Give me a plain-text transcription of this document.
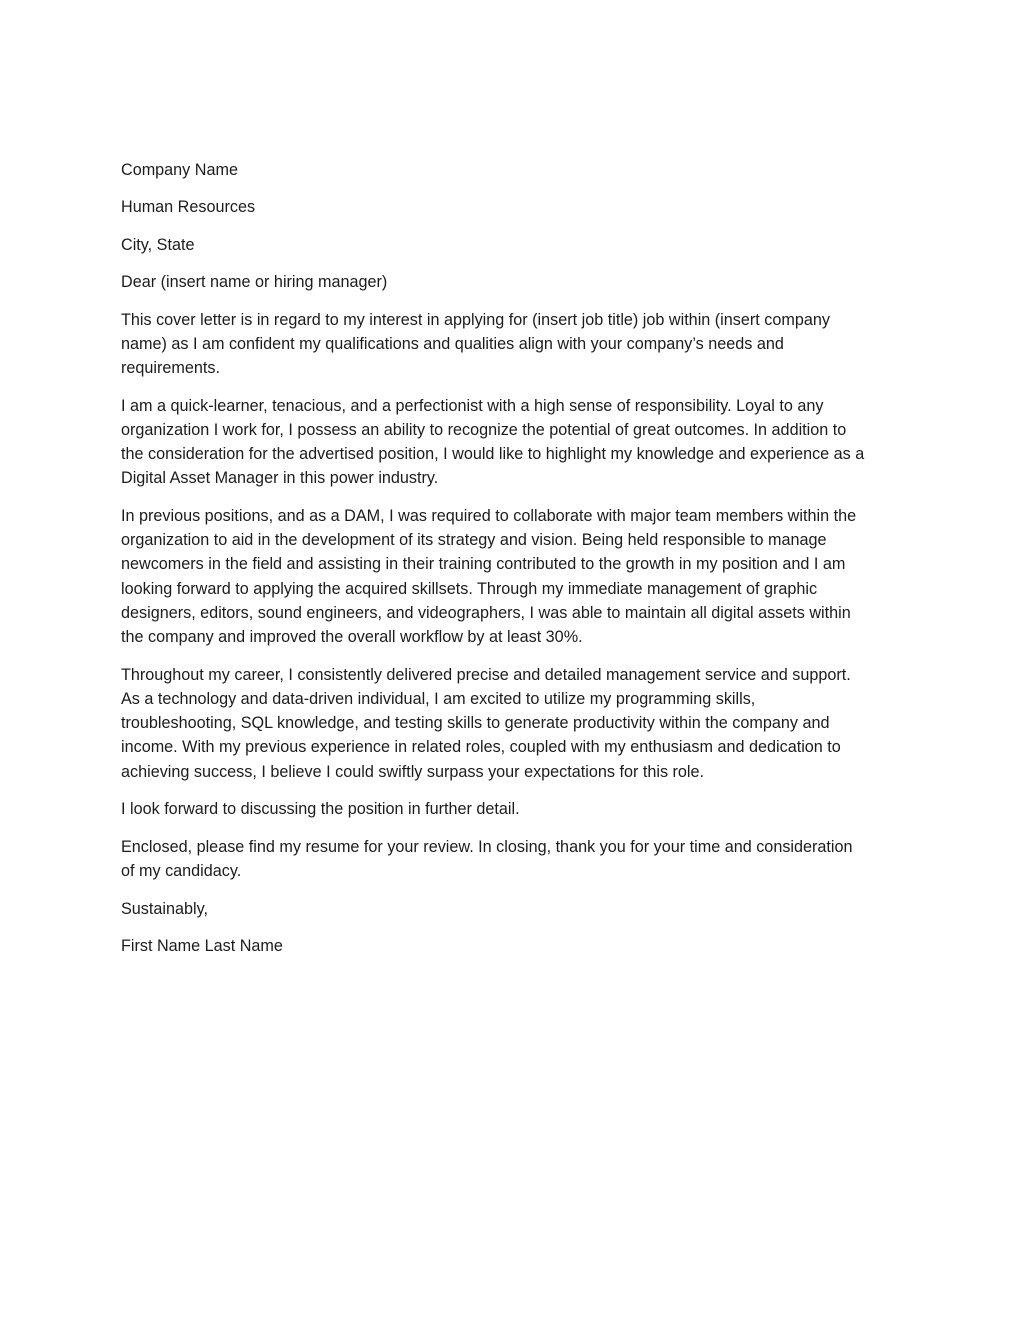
Company Name

Human Resources

City, State

Dear (insert name or hiring manager)

This cover letter is in regard to my interest in applying for (insert job title) job within (insert company
name) as I am confident my qualifications and qualities align with your company’s needs and
requirements.

I am a quick-learner, tenacious, and a perfectionist with a high sense of responsibility. Loyal to any
organization I work for, I possess an ability to recognize the potential of great outcomes. In addition to
the consideration for the advertised position, I would like to highlight my knowledge and experience as a
Digital Asset Manager in this power industry.

In previous positions, and as a DAM, I was required to collaborate with major team members within the
organization to aid in the development of its strategy and vision. Being held responsible to manage
newcomers in the field and assisting in their training contributed to the growth in my position and I am
looking forward to applying the acquired skillsets. Through my immediate management of graphic
designers, editors, sound engineers, and videographers, I was able to maintain all digital assets within
the company and improved the overall workflow by at least 30%.

Throughout my career, I consistently delivered precise and detailed management service and support.
As a technology and data-driven individual, I am excited to utilize my programming skills,
troubleshooting, SQL knowledge, and testing skills to generate productivity within the company and
income. With my previous experience in related roles, coupled with my enthusiasm and dedication to
achieving success, I believe I could swiftly surpass your expectations for this role.

I look forward to discussing the position in further detail.

Enclosed, please find my resume for your review. In closing, thank you for your time and consideration
of my candidacy.

Sustainably,

First Name Last Name
